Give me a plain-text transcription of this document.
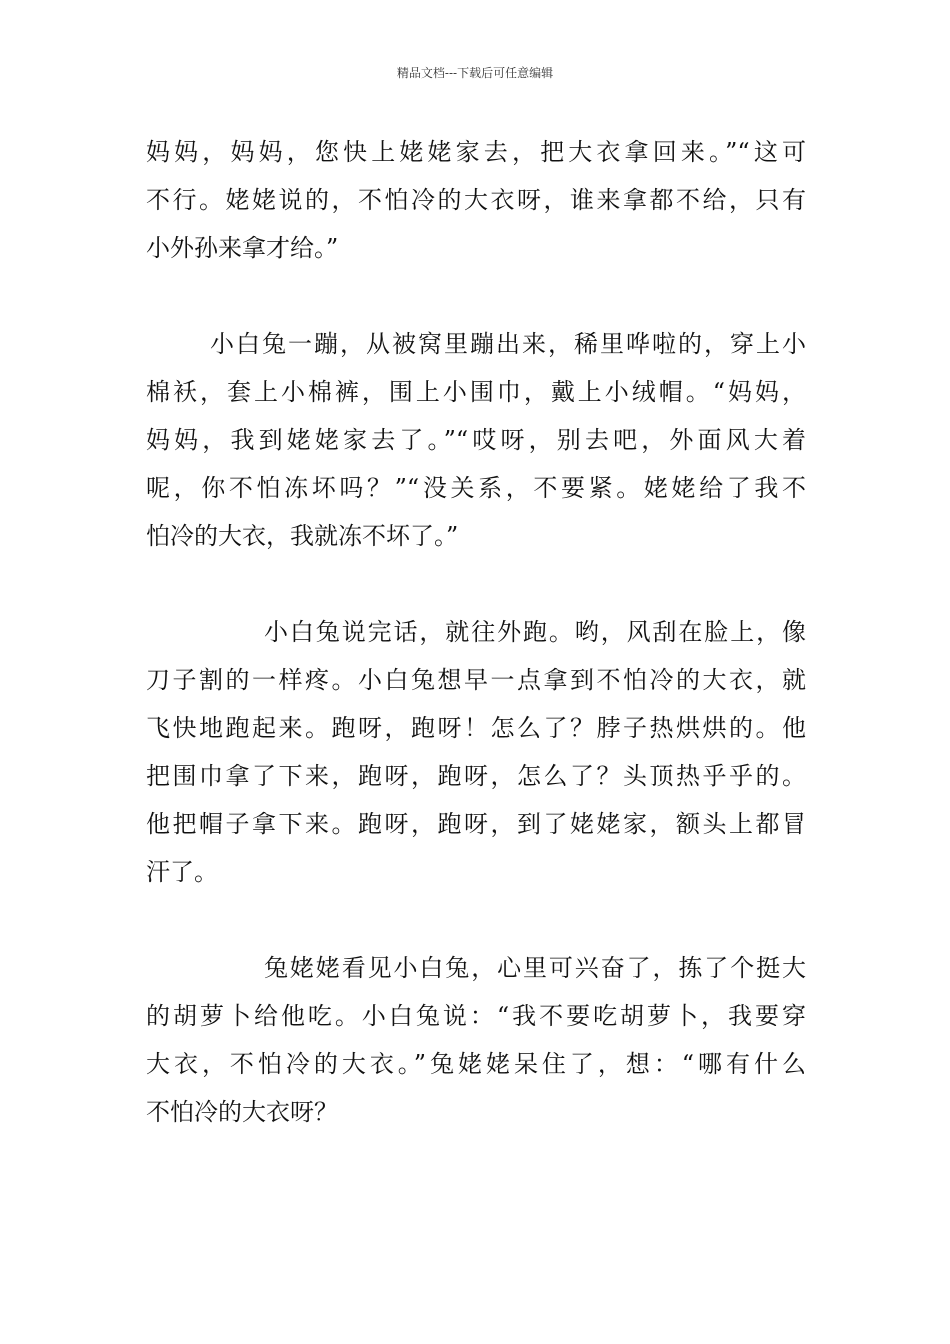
精品文档---下载后可任意编辑
妈妈，妈妈，您快上姥姥家去，把大衣拿回来。”“这可
不行。姥姥说的，不怕冷的大衣呀，谁来拿都不给，只有
小外孙来拿才给。”
小白兔一蹦，从被窝里蹦出来，稀里哗啦的，穿上小
棉袄，套上小棉裤，围上小围巾，戴上小绒帽。“妈妈，
妈妈，我到姥姥家去了。”“哎呀，别去吧，外面风大着
呢，你不怕冻坏吗？”“没关系，不要紧。姥姥给了我不
怕冷的大衣，我就冻不坏了。”
小白兔说完话，就往外跑。哟，风刮在脸上，像
刀子割的一样疼。小白兔想早一点拿到不怕冷的大衣，就
飞快地跑起来。跑呀，跑呀！怎么了？脖子热烘烘的。他
把围巾拿了下来，跑呀，跑呀，怎么了？头顶热乎乎的。
他把帽子拿下来。跑呀，跑呀，到了姥姥家，额头上都冒
汗了。
兔姥姥看见小白兔，心里可兴奋了，拣了个挺大
的胡萝卜给他吃。小白兔说：“我不要吃胡萝卜，我要穿
大衣，不怕冷的大衣。”兔姥姥呆住了，想：“哪有什么
不怕冷的大衣呀？
